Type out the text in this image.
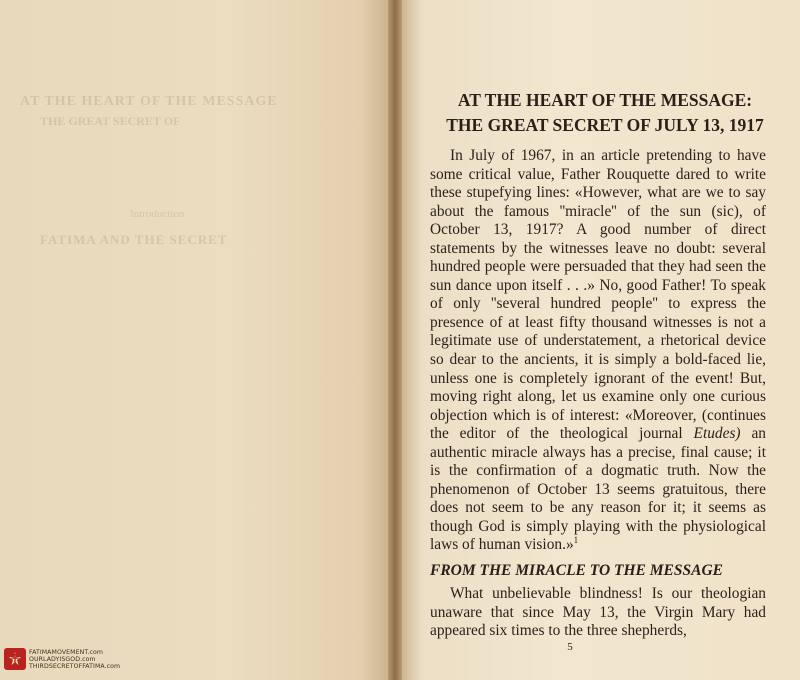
AT THE HEART OF THE MESSAGE
THE GREAT SECRET OF
Introduction
FATIMA AND THE SECRET
AT THE HEART OF THE MESSAGE:
THE GREAT SECRET OF JULY 13, 1917

In July of 1967, in an article pretending to have some critical value, Father Rouquette dared to write these stupefying lines: «However, what are we to say about the famous ''miracle'' of the sun (sic), of October 13, 1917? A good number of direct statements by the witnesses leave no doubt: several hundred people were persuaded that they had seen the sun dance upon itself . . .» No, good Father! To speak of only ''several hundred people'' to express the presence of at least fifty thousand witnesses is not a legitimate use of understatement, a rhetorical device so dear to the ancients, it is simply a bold-faced lie, unless one is completely ignorant of the event! But, moving right along, let us examine only one curious objection which is of interest: «Moreover, (continues the editor of the theological journal Etudes) an authentic miracle always has a precise, final cause; it is the confirmation of a dogmatic truth. Now the phenomenon of October 13 seems gratuitous, there does not seem to be any reason for it; it seems as though God is simply playing with the physiological laws of human vision.»$^1$

FROM THE MIRACLE TO THE MESSAGE

What unbelievable blindness! Is our theologian unaware that since May 13, the Virgin Mary had appeared six times to the three shepherds,

5
FATIMAMOVEMENT.com
OURLADYISGOD.com
THIRDSECRETOFFATIMA.com
